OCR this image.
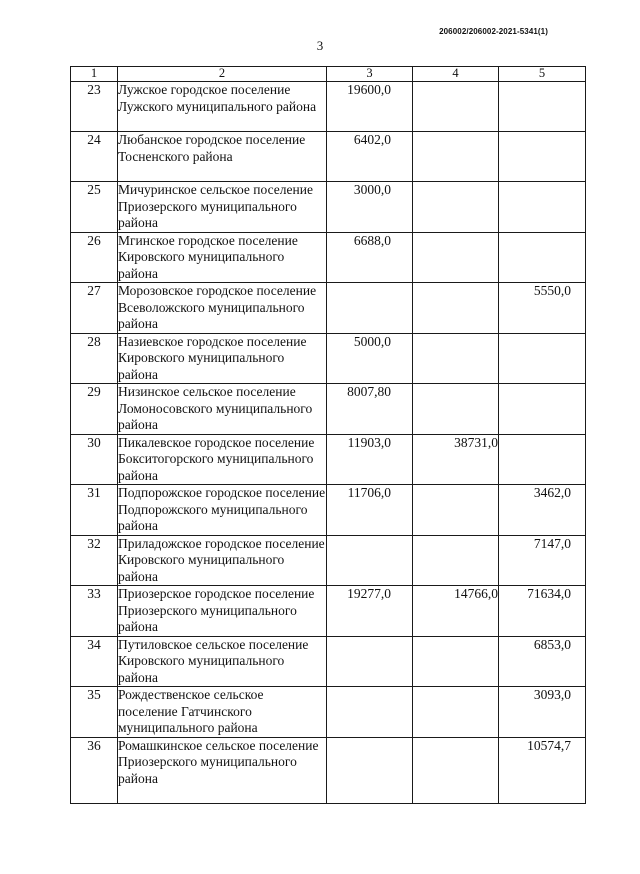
206002/206002-2021-5341(1)
3
1	2	3	4	5
23	Лужское городское поселение Лужского муниципального района	19600,0		
24	Любанское городское поселение Тосненского района	6402,0		
25	Мичуринское сельское поселение Приозерского муниципального района	3000,0		
26	Мгинское городское поселение Кировского муниципального района	6688,0		
27	Морозовское городское поселение Всеволожского муниципального района			5550,0
28	Назиевское городское поселение Кировского муниципального района	5000,0		
29	Низинское сельское поселение Ломоносовского муниципального района	8007,80		
30	Пикалевское городское поселение Бокситогорского муниципального района	11903,0	38731,0	
31	Подпорожское городское поселение Подпорожского муниципального района	11706,0		3462,0
32	Приладожское городское поселение Кировского муниципального района			7147,0
33	Приозерское городское поселение Приозерского муниципального района	19277,0	14766,0	71634,0
34	Путиловское сельское поселение Кировского муниципального района			6853,0
35	Рождественское сельское поселение Гатчинского муниципального района			3093,0
36	Ромашкинское сельское поселение Приозерского муниципального района			10574,7
